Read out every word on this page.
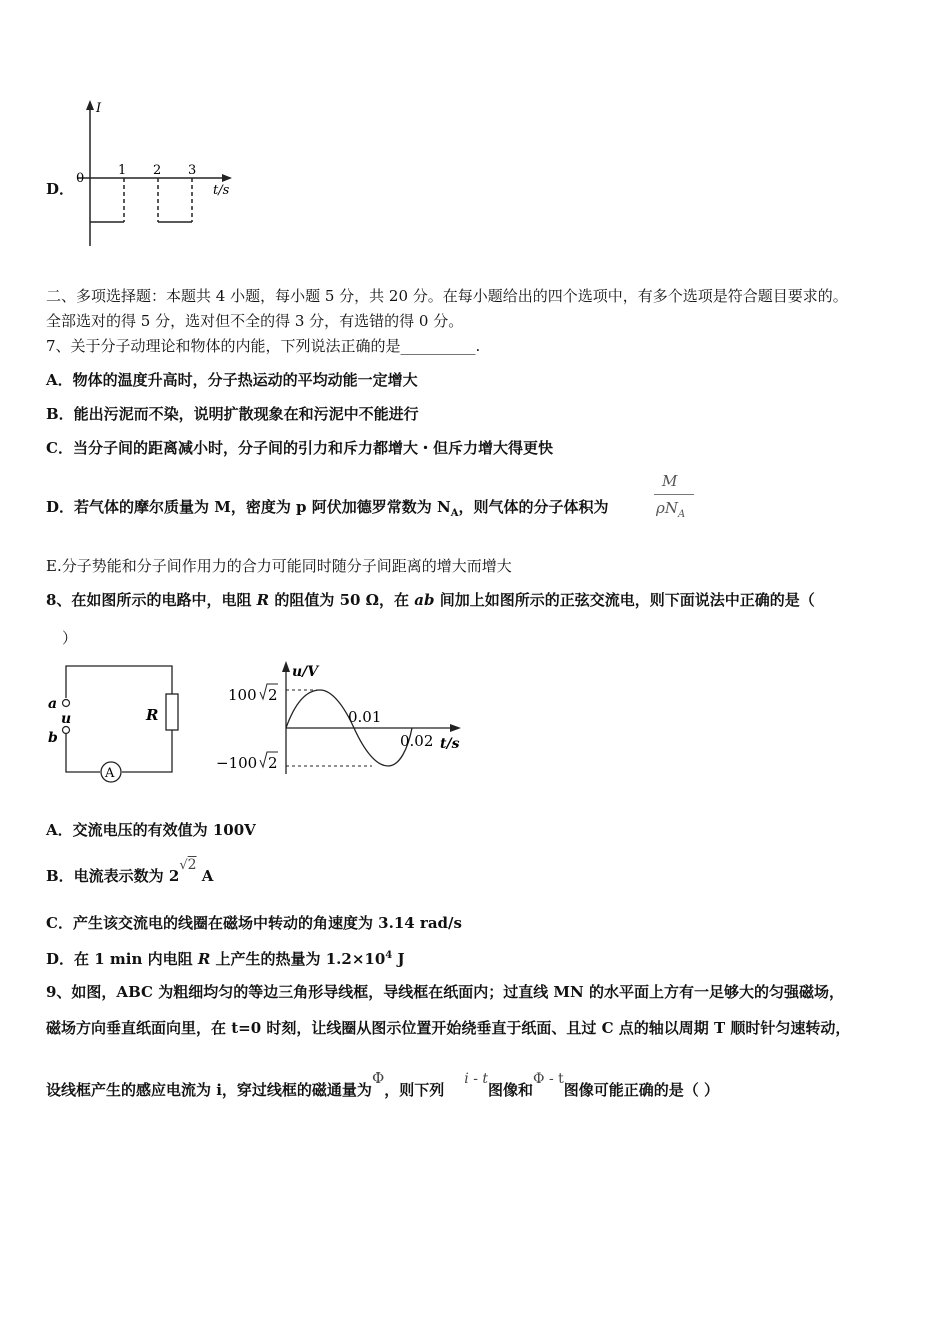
D．
I
0
1 2 3
t/s
二、多项选择题：本题共 4 小题，每小题 5 分，共 20 分。在每小题给出的四个选项中，有多个选项是符合题目要求的。
全部选对的得 5 分，选对但不全的得 3 分，有选错的得 0 分。
7、关于分子动理论和物体的内能，下列说法正确的是__________.
A．物体的温度升高时，分子热运动的平均动能一定增大
B．能出污泥而不染，说明扩散现象在和污泥中不能进行
C．当分子间的距离减小时，分子间的引力和斥力都增大・但斥力增大得更快
D．若气体的摩尔质量为 M，密度为 p 阿伏加德罗常数为 $N_A$，则气体的分子体积为
M
$\rho N_A$
E.分子势能和分子间作用力的合力可能同时随分子间距离的增大而增大
8、在如图所示的电路中，电阻 R 的阻值为 50 Ω，在 ab 间加上如图所示的正弦交流电，则下面说法中正确的是（
）
A
a
u
b
R
u/V
100 2
−100 2
0.01
0.02 t/s
A．交流电压的有效值为 100V
B．电流表示数为 2√2 A
C．产生该交流电的线圈在磁场中转动的角速度为 3.14 rad/s
D．在 1 min 内电阻 R 上产生的热量为 $1.2\times 10^4$ J
9、如图，ABC 为粗细均匀的等边三角形导线框，导线框在纸面内；过直线 MN 的水平面上方有一足够大的匀强磁场，
磁场方向垂直纸面向里，在 t=0 时刻，让线圈从图示位置开始绕垂直于纸面、且过 C 点的轴以周期 T 顺时针匀速转动，
设线框产生的感应电流为 i，穿过线框的磁通量为Φ，则下列i - t图像和Φ - t图像可能正确的是（ ）
